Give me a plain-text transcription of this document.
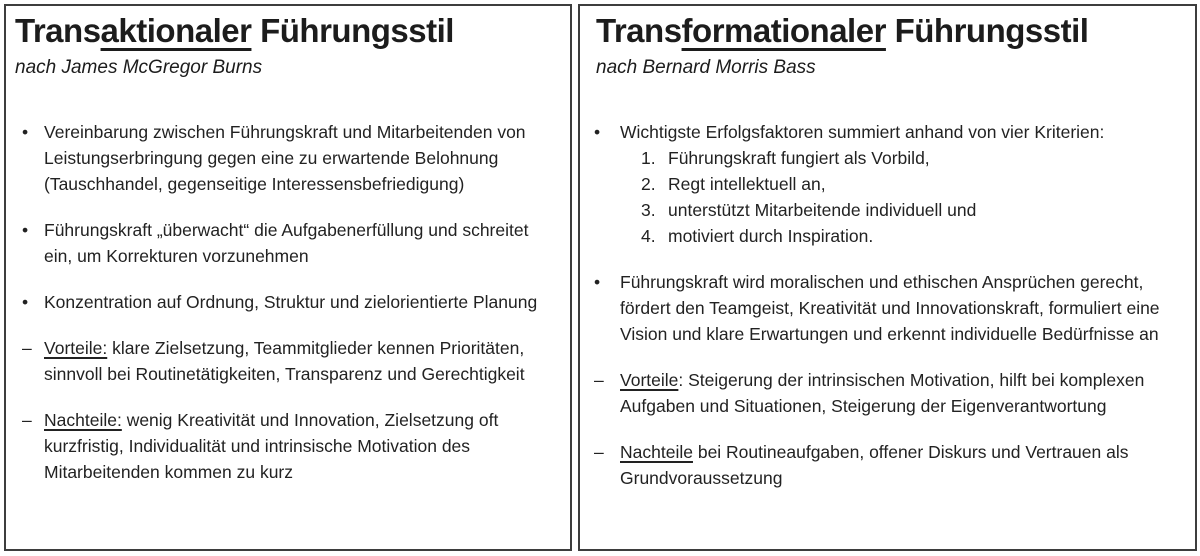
Transaktionaler Führungsstil
nach James McGregor Burns
• Vereinbarung zwischen Führungskraft und Mitarbeitenden von Leistungserbringung gegen eine zu erwartende Belohnung (Tauschhandel, gegenseitige Interessensbefriedigung)
• Führungskraft „überwacht“ die Aufgabenerfüllung und schreitet ein, um Korrekturen vorzunehmen
• Konzentration auf Ordnung, Struktur und zielorientierte Planung
– Vorteile: klare Zielsetzung, Teammitglieder kennen Prioritäten, sinnvoll bei Routinetätigkeiten, Transparenz und Gerechtigkeit
– Nachteile: wenig Kreativität und Innovation, Zielsetzung oft kurzfristig, Individualität und intrinsische Motivation des Mitarbeitenden kommen zu kurz
Transformationaler Führungsstil
nach Bernard Morris Bass
•	Wichtigste Erfolgsfaktoren summiert anhand von vier Kriterien:
1. Führungskraft fungiert als Vorbild,
2. Regt intellektuell an,
3. unterstützt Mitarbeitende individuell und
4. motiviert durch Inspiration.
•	Führungskraft wird moralischen und ethischen Ansprüchen gerecht, fördert den Teamgeist, Kreativität und Innovationskraft, formuliert eine Vision und klare Erwartungen und erkennt individuelle Bedürfnisse an
– Vorteile: Steigerung der intrinsischen Motivation, hilft bei komplexen Aufgaben und Situationen, Steigerung der Eigenverantwortung
– Nachteile bei Routineaufgaben, offener Diskurs und Vertrauen als Grundvoraussetzung
